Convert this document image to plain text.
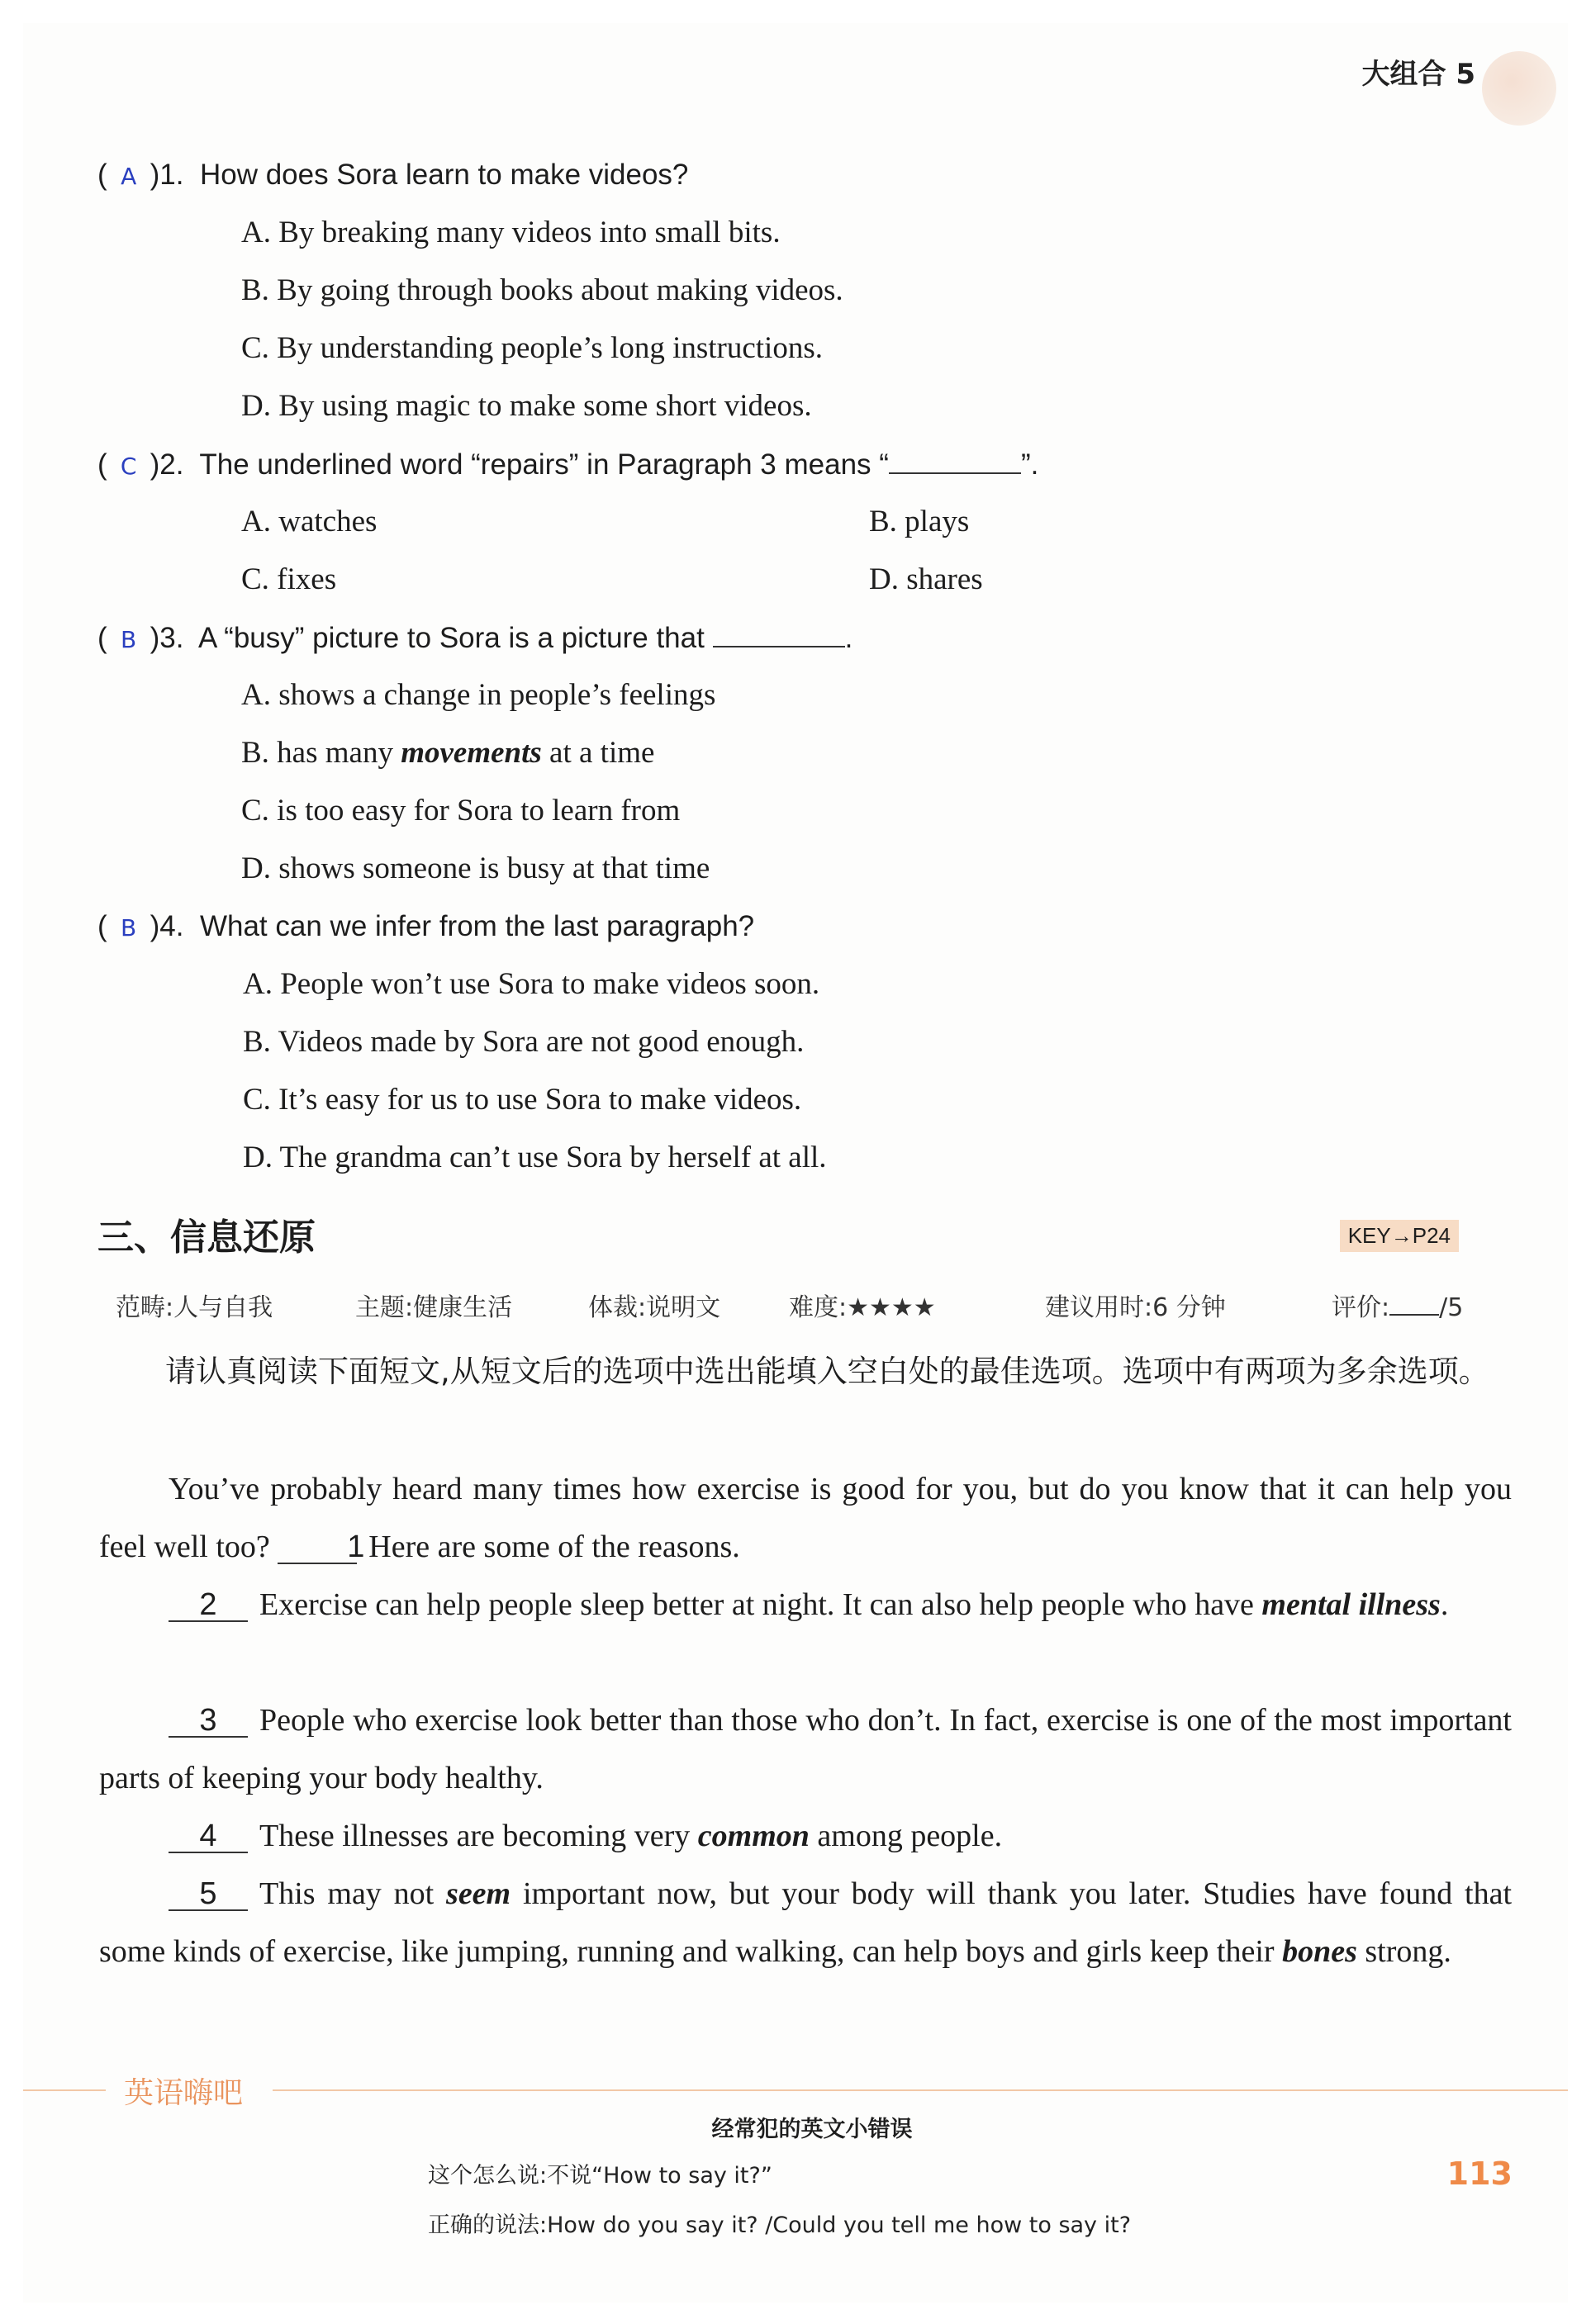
大组合 5
( A )1. How does Sora learn to make videos?
A. By breaking many videos into small bits.
B. By going through books about making videos.
C. By understanding people’s long instructions.
D. By using magic to make some short videos.
( C )2. The underlined word “repairs” in Paragraph 3 means “	”.
A. watches	B. plays
C. fixes	D. shares
( B )3. A “busy” picture to Sora is a picture that	.
A. shows a change in people’s feelings
B. has many movements at a time
C. is too easy for Sora to learn from
D. shows someone is busy at that time
( B )4. What can we infer from the last paragraph?
A. People won’t use Sora to make videos soon.
B. Videos made by Sora are not good enough.
C. It’s easy for us to use Sora to make videos.
D. The grandma can’t use Sora by herself at all.
三、信息还原	KEY→P24
范畴:人与自我	主题:健康生活	体裁:说明文	难度:★★★★	建议用时:6 分钟	评价: /5
请认真阅读下面短文,从短文后的选项中选出能填入空白处的最佳选项。选项中有两项为多余选项。
You’ve probably heard many times how exercise is good for you, but do you know that it can help you feel well too? 1 Here are some of the reasons.
2 Exercise can help people sleep better at night. It can also help people who have mental illness.
3 People who exercise look better than those who don’t. In fact, exercise is one of the most important parts of keeping your body healthy.
4 These illnesses are becoming very common among people.
5 This may not seem important now, but your body will thank you later. Studies have found that some kinds of exercise, like jumping, running and walking, can help boys and girls keep their bones strong.
英语嗨吧
经常犯的英文小错误
这个怎么说:不说“How to say it?”
正确的说法:How do you say it? /Could you tell me how to say it?
113
